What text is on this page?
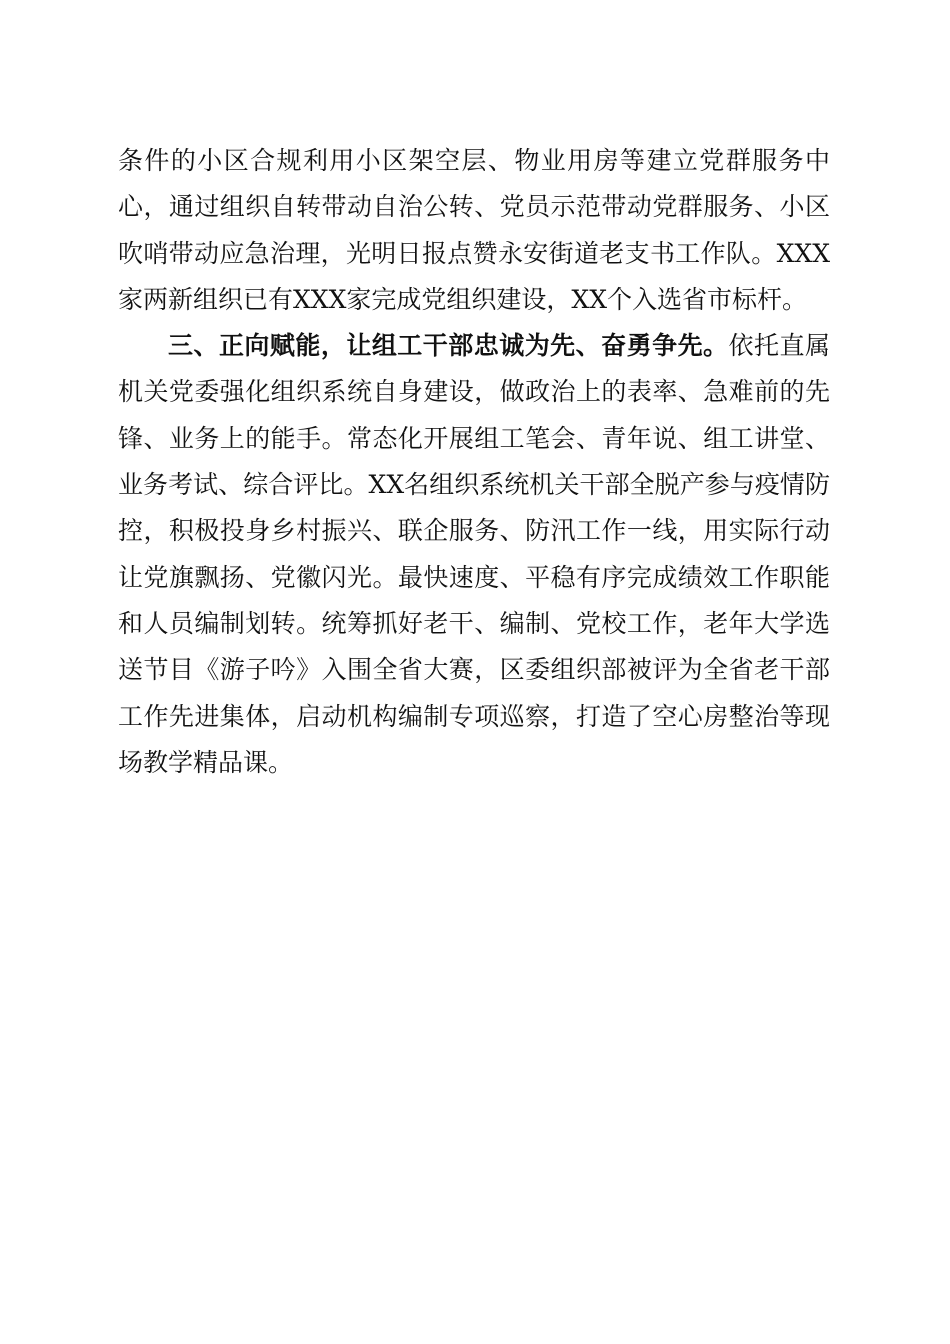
条件的小区合规利用小区架空层、物业用房等建立党群服务中心，通过组织自转带动自治公转、党员示范带动党群服务、小区吹哨带动应急治理，光明日报点赞永安街道老支书工作队。XXX家两新组织已有XXX家完成党组织建设，XX个入选省市标杆。

三、正向赋能，让组工干部忠诚为先、奋勇争先。依托直属机关党委强化组织系统自身建设，做政治上的表率、急难前的先锋、业务上的能手。常态化开展组工笔会、青年说、组工讲堂、业务考试、综合评比。XX名组织系统机关干部全脱产参与疫情防控，积极投身乡村振兴、联企服务、防汛工作一线，用实际行动让党旗飘扬、党徽闪光。最快速度、平稳有序完成绩效工作职能和人员编制划转。统筹抓好老干、编制、党校工作，老年大学选送节目《游子吟》入围全省大赛，区委组织部被评为全省老干部工作先进集体，启动机构编制专项巡察，打造了空心房整治等现场教学精品课。
